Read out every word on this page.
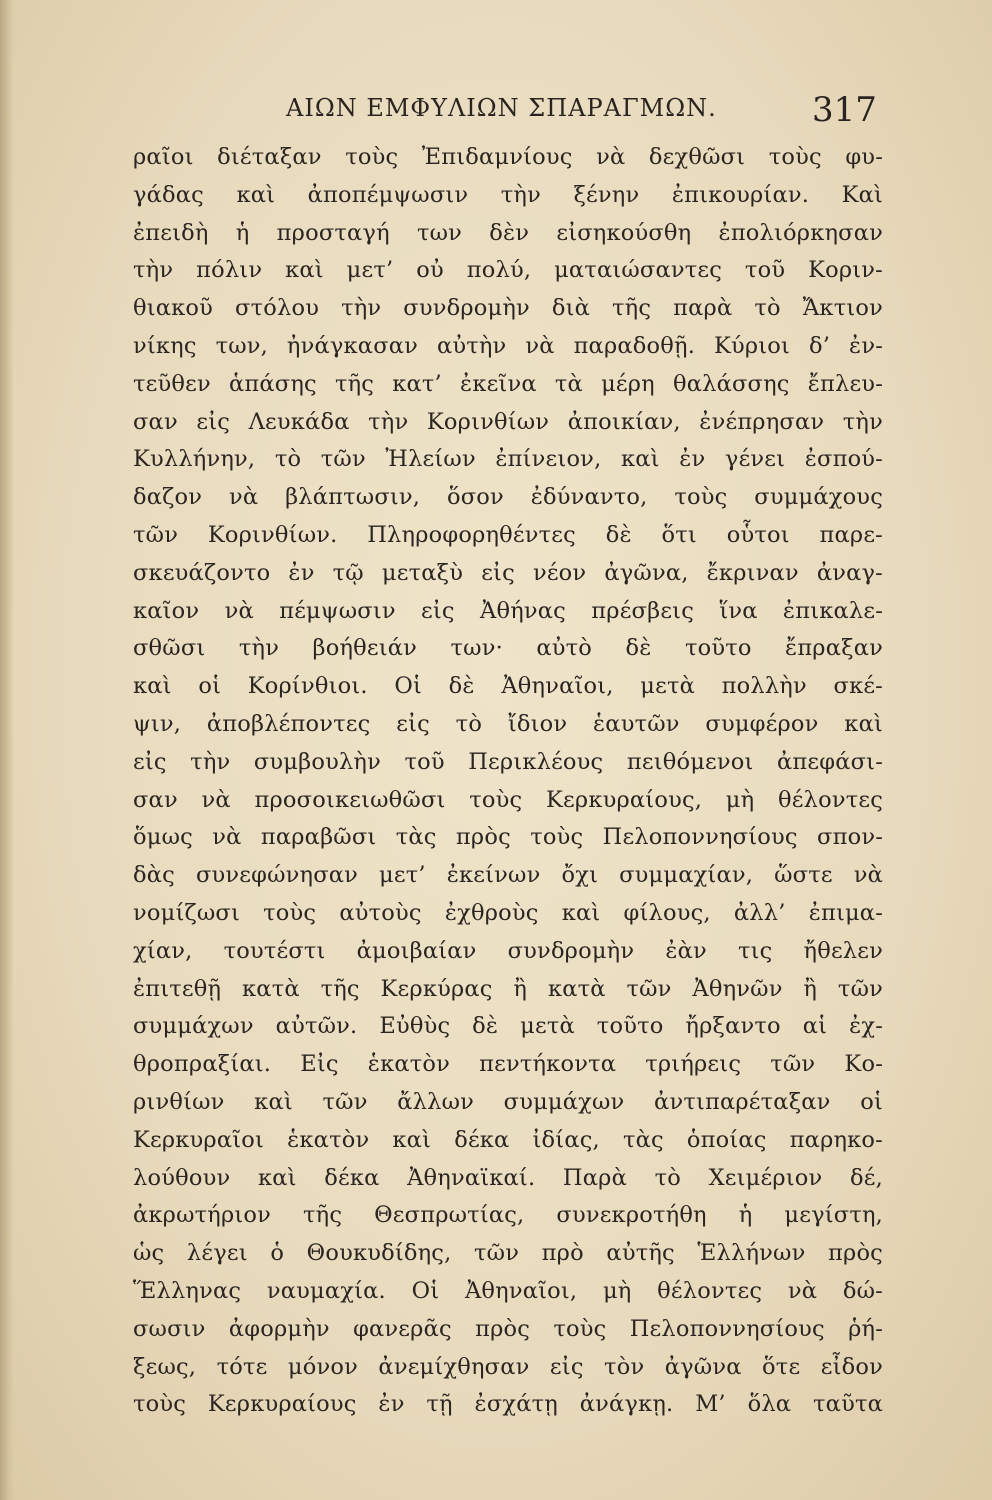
ΑΙΩΝ ΕΜΦΥΛΙΩΝ ΣΠΑΡΑΓΜΩΝ.	317
ραῖοι διέταξαν τοὺς Ἐπιδαμνίους νὰ δεχθῶσι τοὺς φυ-
γάδας καὶ ἀποπέμψωσιν τὴν ξένην ἐπικουρίαν. Καὶ
ἐπειδὴ ἡ προσταγή των δὲν εἰσηκούσθη ἐπολιόρκησαν
τὴν πόλιν καὶ μετ’ οὐ πολύ, ματαιώσαντες τοῦ Κοριν-
θιακοῦ στόλου τὴν συνδρομὴν διὰ τῆς παρὰ τὸ Ἄκτιον
νίκης των, ἠνάγκασαν αὐτὴν νὰ παραδοθῇ. Κύριοι δ’ ἐν-
τεῦθεν ἁπάσης τῆς κατ’ ἐκεῖνα τὰ μέρη θαλάσσης ἔπλευ-
σαν εἰς Λευκάδα τὴν Κορινθίων ἀποικίαν, ἐνέπρησαν τὴν
Κυλλήνην, τὸ τῶν Ἠλείων ἐπίνειον, καὶ ἐν γένει ἐσπού-
δαζον νὰ βλάπτωσιν, ὅσον ἐδύναντο, τοὺς συμμάχους
τῶν Κορινθίων. Πληροφορηθέντες δὲ ὅτι οὗτοι παρε-
σκευάζοντο ἐν τῷ μεταξὺ εἰς νέον ἀγῶνα, ἔκριναν ἀναγ-
καῖον νὰ πέμψωσιν εἰς Ἀθήνας πρέσβεις ἵνα ἐπικαλε-
σθῶσι τὴν βοήθειάν των· αὐτὸ δὲ τοῦτο ἔπραξαν
καὶ οἱ Κορίνθιοι. Οἱ δὲ Ἀθηναῖοι, μετὰ πολλὴν σκέ-
ψιν, ἀποβλέποντες εἰς τὸ ἴδιον ἑαυτῶν συμφέρον καὶ
εἰς τὴν συμβουλὴν τοῦ Περικλέους πειθόμενοι ἀπεφάσι-
σαν νὰ προσοικειωθῶσι τοὺς Κερκυραίους, μὴ θέλοντες
ὅμως νὰ παραβῶσι τὰς πρὸς τοὺς Πελοποννησίους σπον-
δὰς συνεφώνησαν μετ’ ἐκείνων ὄχι συμμαχίαν, ὥστε νὰ
νομίζωσι τοὺς αὐτοὺς ἐχθροὺς καὶ φίλους, ἀλλ’ ἐπιμα-
χίαν, τουτέστι ἀμοιβαίαν συνδρομὴν ἐὰν τις ἤθελεν
ἐπιτεθῇ κατὰ τῆς Κερκύρας ἢ κατὰ τῶν Ἀθηνῶν ἢ τῶν
συμμάχων αὐτῶν. Εὐθὺς δὲ μετὰ τοῦτο ἤρξαντο αἱ ἐχ-
θροπραξίαι. Εἰς ἑκατὸν πεντήκοντα τριήρεις τῶν Κο-
ρινθίων καὶ τῶν ἄλλων συμμάχων ἀντιπαρέταξαν οἱ
Κερκυραῖοι ἑκατὸν καὶ δέκα ἰδίας, τὰς ὁποίας παρηκο-
λούθουν καὶ δέκα Ἀθηναϊκαί. Παρὰ τὸ Χειμέριον δέ,
ἀκρωτήριον τῆς Θεσπρωτίας, συνεκροτήθη ἡ μεγίστη,
ὡς λέγει ὁ Θουκυδίδης, τῶν πρὸ αὐτῆς Ἑλλήνων πρὸς
Ἕλληνας ναυμαχία. Οἱ Ἀθηναῖοι, μὴ θέλοντες νὰ δώ-
σωσιν ἀφορμὴν φανερᾶς πρὸς τοὺς Πελοποννησίους ῥή-
ξεως, τότε μόνον ἀνεμίχθησαν εἰς τὸν ἀγῶνα ὅτε εἶδον
τοὺς Κερκυραίους ἐν τῇ ἐσχάτῃ ἀνάγκῃ. Μ’ ὅλα ταῦτα
